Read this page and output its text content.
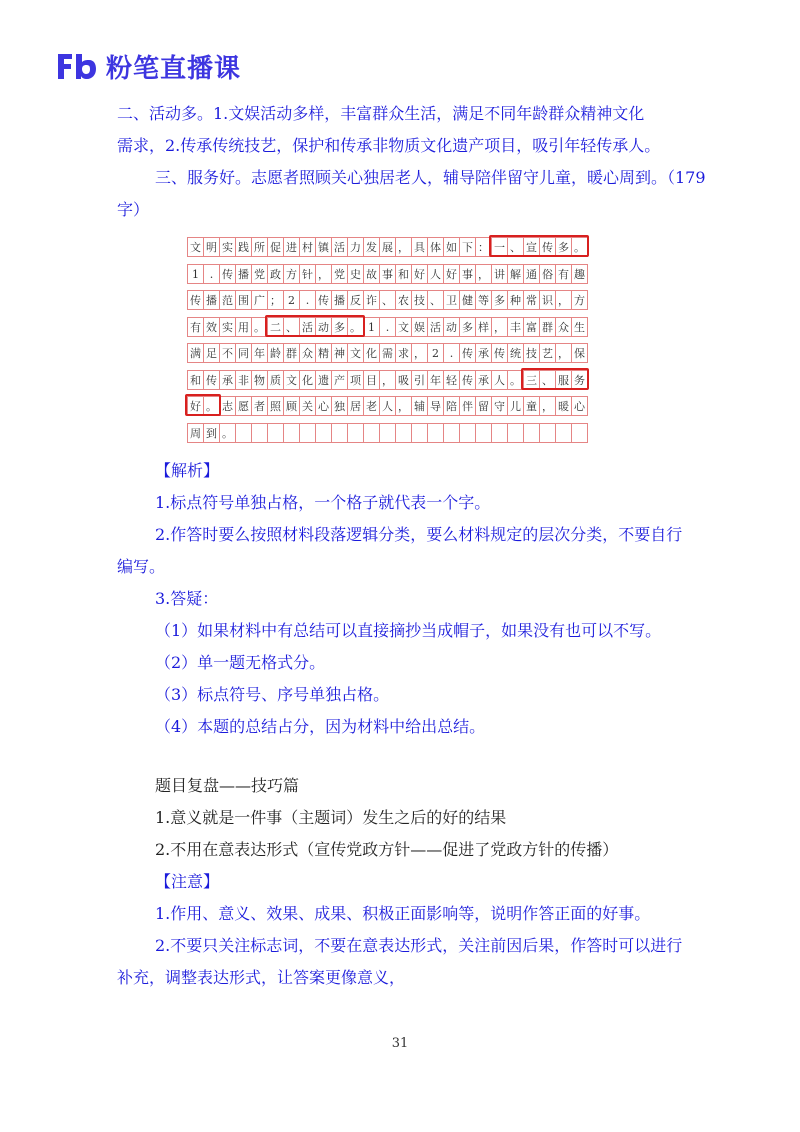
粉笔直播课
二、活动多。1.文娱活动多样，丰富群众生活，满足不同年龄群众精神文化
需求，2.传承传统技艺，保护和传承非物质文化遗产项目，吸引年轻传承人。
三、服务好。志愿者照顾关心独居老人，辅导陪伴留守儿童，暖心周到。（179
字）
文 明 实 践 所 促 进 村 镇 活 力 发 展 ， 具 体 如 下 ： 一 、 宣 传 多 。
1 . 传 播 党 政 方 针 ， 党 史 故 事 和 好 人 好 事 ， 讲 解 通 俗 有 趣
传 播 范 围 广 ； 2 . 传 播 反 诈 、 农 技 、 卫 健 等 多 种 常 识 ， 方
有 效 实 用 。 二 、 活 动 多 。 1 . 文 娱 活 动 多 样 ， 丰 富 群 众 生
满 足 不 同 年 龄 群 众 精 神 文 化 需 求 ， 2 . 传 承 传 统 技 艺 ， 保
和 传 承 非 物 质 文 化 遗 产 项 目 ， 吸 引 年 轻 传 承 人 。 三 、 服 务
好 。 志 愿 者 照 顾 关 心 独 居 老 人 ， 辅 导 陪 伴 留 守 儿 童 ， 暖 心
周 到 。
【解析】
1.标点符号单独占格，一个格子就代表一个字。
2.作答时要么按照材料段落逻辑分类，要么材料规定的层次分类，不要自行
编写。
3.答疑：
（1）如果材料中有总结可以直接摘抄当成帽子，如果没有也可以不写。
（2）单一题无格式分。
（3）标点符号、序号单独占格。
（4）本题的总结占分，因为材料中给出总结。
题目复盘——技巧篇
1.意义就是一件事（主题词）发生之后的好的结果
2.不用在意表达形式（宣传党政方针——促进了党政方针的传播）
【注意】
1.作用、意义、效果、成果、积极正面影响等，说明作答正面的好事。
2.不要只关注标志词，不要在意表达形式，关注前因后果，作答时可以进行
补充，调整表达形式，让答案更像意义，
31
